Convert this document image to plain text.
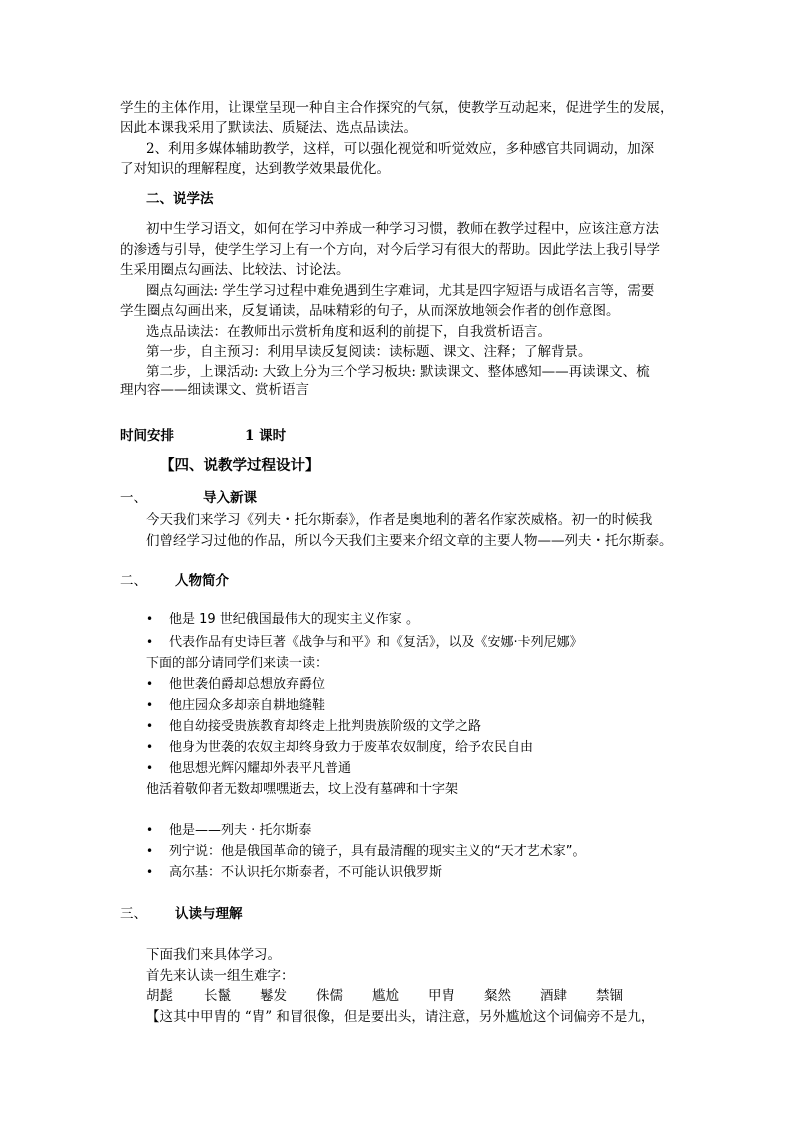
学生的主体作用，让课堂呈现一种自主合作探究的气氛，使教学互动起来，促进学生的发展，
因此本课我采用了默读法、质疑法、选点品读法。
2、利用多媒体辅助教学，这样，可以强化视觉和听觉效应，多种感官共同调动，加深
了对知识的理解程度，达到教学效果最优化。
二、说学法
初中生学习语文，如何在学习中养成一种学习习惯，教师在教学过程中，应该注意方法
的渗透与引导，使学生学习上有一个方向，对今后学习有很大的帮助。因此学法上我引导学
生采用圈点勾画法、比较法、讨论法。
圈点勾画法: 学生学习过程中难免遇到生字难词，尤其是四字短语与成语名言等，需要
学生圈点勾画出来，反复诵读，品味精彩的句子，从而深放地领会作者的创作意图。
选点品读法：在教师出示赏析角度和返利的前提下，自我赏析语言。
第一步，自主预习：利用早读反复阅读：读标题、课文、注释；了解背景。
第二步，上课活动: 大致上分为三个学习板块: 默读课文、整体感知——再读课文、梳
理内容——细读课文、赏析语言
时间安排	1 课时
【四、说教学过程设计】
一、	导入新课
今天我们来学习《列夫・托尔斯泰》，作者是奥地利的著名作家茨威格。初一的时候我
们曾经学习过他的作品，所以今天我们主要来介绍文章的主要人物——列夫・托尔斯泰。
二、 人物简介
• 他是 19 世纪俄国最伟大的现实主义作家 。
• 代表作品有史诗巨著《战争与和平》和《复活》，以及《安娜·卡列尼娜》
下面的部分请同学们来读一读：
• 他世袭伯爵却总想放弃爵位
• 他庄园众多却亲自耕地缝鞋
• 他自幼接受贵族教育却终走上批判贵族阶级的文学之路
• 他身为世袭的农奴主却终身致力于废革农奴制度，给予农民自由
• 他思想光辉闪耀却外表平凡普通
他活着敬仰者无数却嘿嘿逝去，坟上没有墓碑和十字架
• 他是——列夫 · 托尔斯泰
• 列宁说：他是俄国革命的镜子，具有最清醒的现实主义的“天才艺术家”。
• 高尔基：不认识托尔斯泰者，不可能认识俄罗斯
三、 认读与理解
下面我们来具体学习。
首先来认读一组生难字：
胡髭 长鬣 鬈发 侏儒 尴尬 甲胄 粲然 酒肆 禁锢
【这其中甲胄的 “胄” 和冒很像，但是要出头，请注意，另外尴尬这个词偏旁不是九，
